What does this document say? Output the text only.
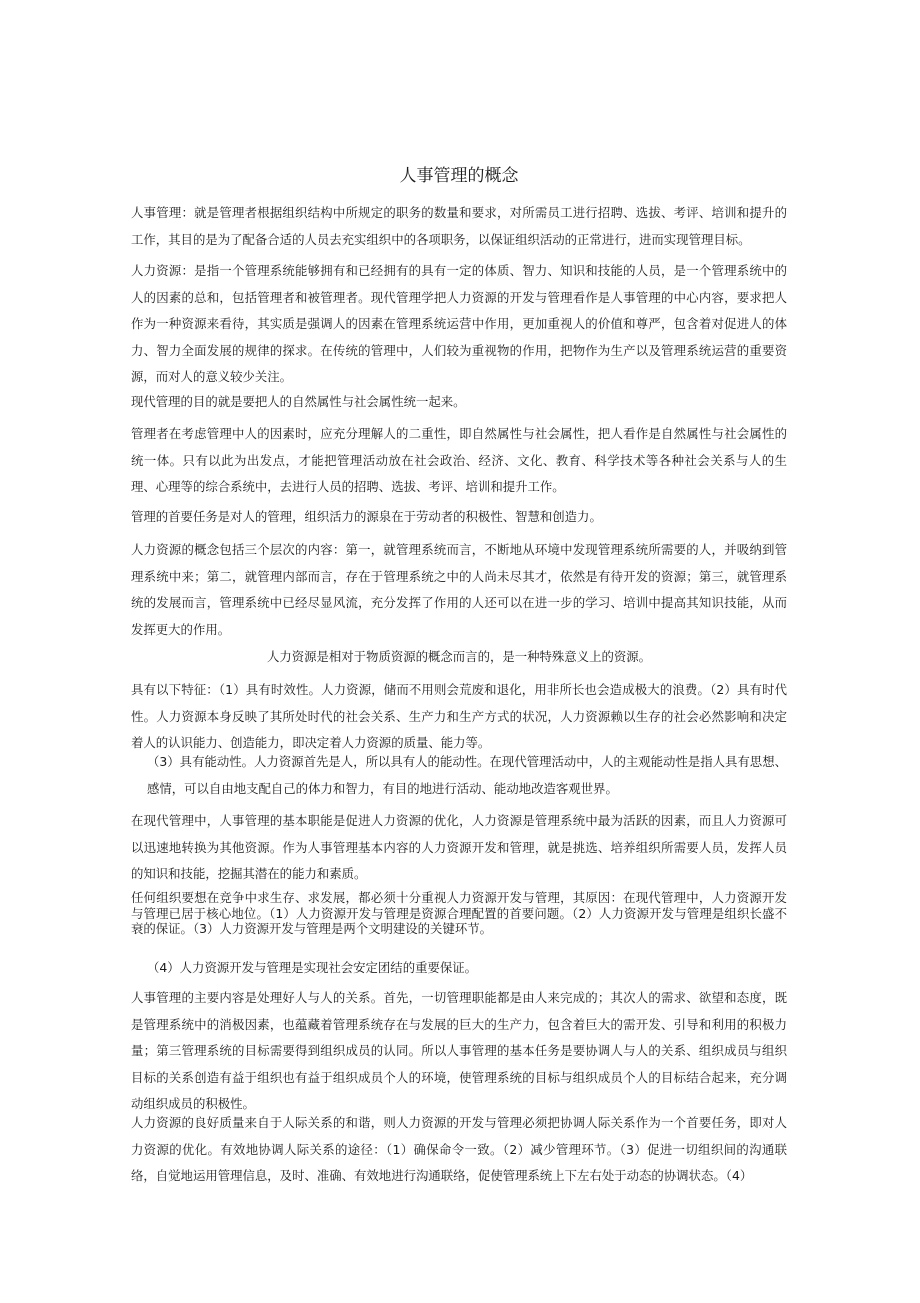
人事管理的概念

人事管理：就是管理者根据组织结构中所规定的职务的数量和要求，对所需员工进行招聘、选拔、考评、培训和提升的工作，其目的是为了配备合适的人员去充实组织中的各项职务，以保证组织活动的正常进行，进而实现管理目标。

人力资源：是指一个管理系统能够拥有和已经拥有的具有一定的体质、智力、知识和技能的人员，是一个管理系统中的人的因素的总和，包括管理者和被管理者。现代管理学把人力资源的开发与管理看作是人事管理的中心内容，要求把人作为一种资源来看待，其实质是强调人的因素在管理系统运营中作用，更加重视人的价值和尊严，包含着对促进人的体力、智力全面发展的规律的探求。在传统的管理中，人们较为重视物的作用，把物作为生产以及管理系统运营的重要资源，而对人的意义较少关注。

现代管理的目的就是要把人的自然属性与社会属性统一起来。

管理者在考虑管理中人的因素时，应充分理解人的二重性，即自然属性与社会属性，把人看作是自然属性与社会属性的统一体。只有以此为出发点，才能把管理活动放在社会政治、经济、文化、教育、科学技术等各种社会关系与人的生理、心理等的综合系统中，去进行人员的招聘、选拔、考评、培训和提升工作。

管理的首要任务是对人的管理，组织活力的源泉在于劳动者的积极性、智慧和创造力。

人力资源的概念包括三个层次的内容：第一，就管理系统而言，不断地从环境中发现管理系统所需要的人，并吸纳到管理系统中来；第二，就管理内部而言，存在于管理系统之中的人尚未尽其才，依然是有待开发的资源；第三，就管理系统的发展而言，管理系统中已经尽显风流，充分发挥了作用的人还可以在进一步的学习、培训中提高其知识技能，从而发挥更大的作用。

人力资源是相对于物质资源的概念而言的，是一种特殊意义上的资源。

具有以下特征：（1）具有时效性。人力资源，储而不用则会荒废和退化，用非所长也会造成极大的浪费。（2）具有时代性。人力资源本身反映了其所处时代的社会关系、生产力和生产方式的状况，人力资源赖以生存的社会必然影响和决定着人的认识能力、创造能力，即决定着人力资源的质量、能力等。

（3）具有能动性。人力资源首先是人，所以具有人的能动性。在现代管理活动中，人的主观能动性是指人具有思想、感情，可以自由地支配自己的体力和智力，有目的地进行活动、能动地改造客观世界。

在现代管理中，人事管理的基本职能是促进人力资源的优化，人力资源是管理系统中最为活跃的因素，而且人力资源可以迅速地转换为其他资源。作为人事管理基本内容的人力资源开发和管理，就是挑选、培养组织所需要人员，发挥人员的知识和技能，挖掘其潜在的能力和素质。

任何组织要想在竞争中求生存、求发展，都必须十分重视人力资源开发与管理，其原因：在现代管理中，人力资源开发与管理已居于核心地位。（1）人力资源开发与管理是资源合理配置的首要问题。（2）人力资源开发与管理是组织长盛不衰的保证。（3）人力资源开发与管理是两个文明建设的关键环节。

（4）人力资源开发与管理是实现社会安定团结的重要保证。

人事管理的主要内容是处理好人与人的关系。首先，一切管理职能都是由人来完成的；其次人的需求、欲望和态度，既是管理系统中的消极因素，也蕴藏着管理系统存在与发展的巨大的生产力，包含着巨大的需开发、引导和利用的积极力量；第三管理系统的目标需要得到组织成员的认同。所以人事管理的基本任务是要协调人与人的关系、组织成员与组织目标的关系创造有益于组织也有益于组织成员个人的环境，使管理系统的目标与组织成员个人的目标结合起来，充分调动组织成员的积极性。

人力资源的良好质量来自于人际关系的和谐，则人力资源的开发与管理必须把协调人际关系作为一个首要任务，即对人力资源的优化。有效地协调人际关系的途径：（1）确保命令一致。（2）减少管理环节。（3）促进一切组织间的沟通联络，自觉地运用管理信息，及时、准确、有效地进行沟通联络，促使管理系统上下左右处于动态的协调状态。（4）
